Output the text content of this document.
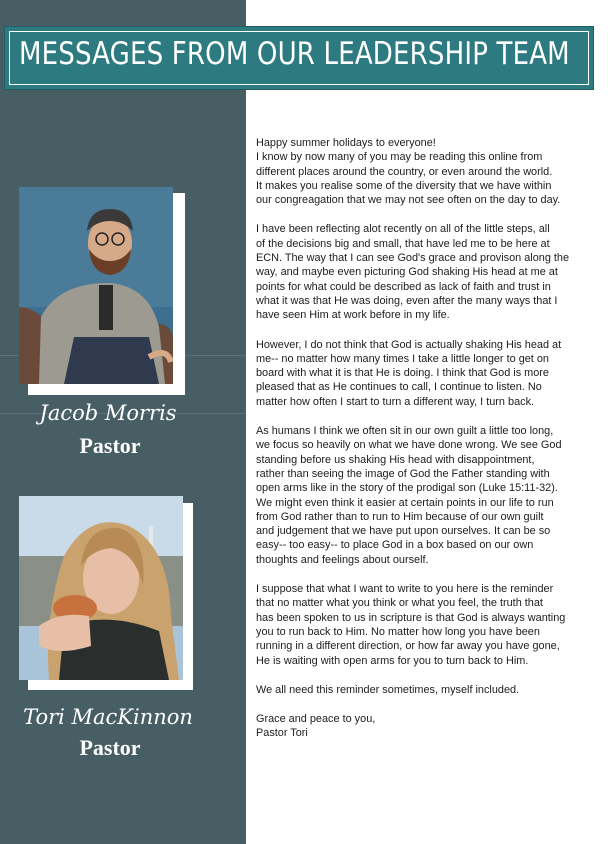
MESSAGES FROM OUR LEADERSHIP TEAM
Jacob Morris
Pastor
Tori MacKinnon
Pastor

Happy summer holidays to everyone!
I know by now many of you may be reading this online from
different places around the country, or even around the world.
It makes you realise some of the diversity that we have within
our congreagation that we may not see often on the day to day.

I have been reflecting alot recently on all of the little steps, all
of the decisions big and small, that have led me to be here at
ECN. The way that I can see God's grace and provison along the
way, and maybe even picturing God shaking His head at me at
points for what could be described as lack of faith and trust in
what it was that He was doing, even after the many ways that I
have seen Him at work before in my life.

However, I do not think that God is actually shaking His head at
me-- no matter how many times I take a little longer to get on
board with what it is that He is doing. I think that God is more
pleased that as He continues to call, I continue to listen. No
matter how often I start to turn a different way, I turn back.

As humans I think we often sit in our own guilt a little too long,
we focus so heavily on what we have done wrong. We see God
standing before us shaking His head with disappointment,
rather than seeing the image of God the Father standing with
open arms like in the story of the prodigal son (Luke 15:11-32).
We might even think it easier at certain points in our life to run
from God rather than to run to Him because of our own guilt
and judgement that we have put upon ourselves. It can be so
easy-- too easy-- to place God in a box based on our own
thoughts and feelings about ourself.

I suppose that what I want to write to you here is the reminder
that no matter what you think or what you feel, the truth that
has been spoken to us in scripture is that God is always wanting
you to run back to Him. No matter how long you have been
running in a different direction, or how far away you have gone,
He is waiting with open arms for you to turn back to Him.

We all need this reminder sometimes, myself included.

Grace and peace to you,
Pastor Tori
